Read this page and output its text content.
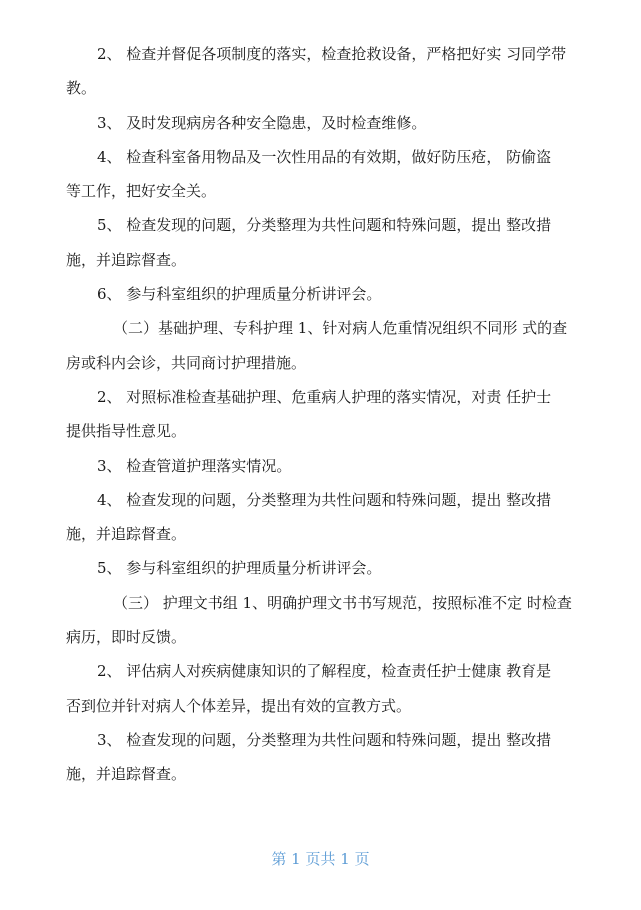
2、 检查并督促各项制度的落实，检查抢救设备，严格把好实 习同学带
教。
3、 及时发现病房各种安全隐患，及时检查维修。
4、 检查科室备用物品及一次性用品的有效期，做好防压疮， 防偷盗
等工作，把好安全关。
5、 检查发现的问题，分类整理为共性问题和特殊问题，提出 整改措
施，并追踪督查。
6、 参与科室组织的护理质量分析讲评会。
（二）基础护理、专科护理 1、针对病人危重情况组织不同形 式的查
房或科内会诊，共同商讨护理措施。
2、 对照标准检查基础护理、危重病人护理的落实情况，对责 任护士
提供指导性意见。
3、 检查管道护理落实情况。
4、 检查发现的问题，分类整理为共性问题和特殊问题，提出 整改措
施，并追踪督查。
5、 参与科室组织的护理质量分析讲评会。
（三） 护理文书组 1、明确护理文书书写规范，按照标准不定 时检查
病历，即时反馈。
2、 评估病人对疾病健康知识的了解程度，检查责任护士健康 教育是
否到位并针对病人个体差异，提出有效的宣教方式。
3、 检查发现的问题，分类整理为共性问题和特殊问题，提出 整改措
施，并追踪督查。
第 1 页共 1 页
